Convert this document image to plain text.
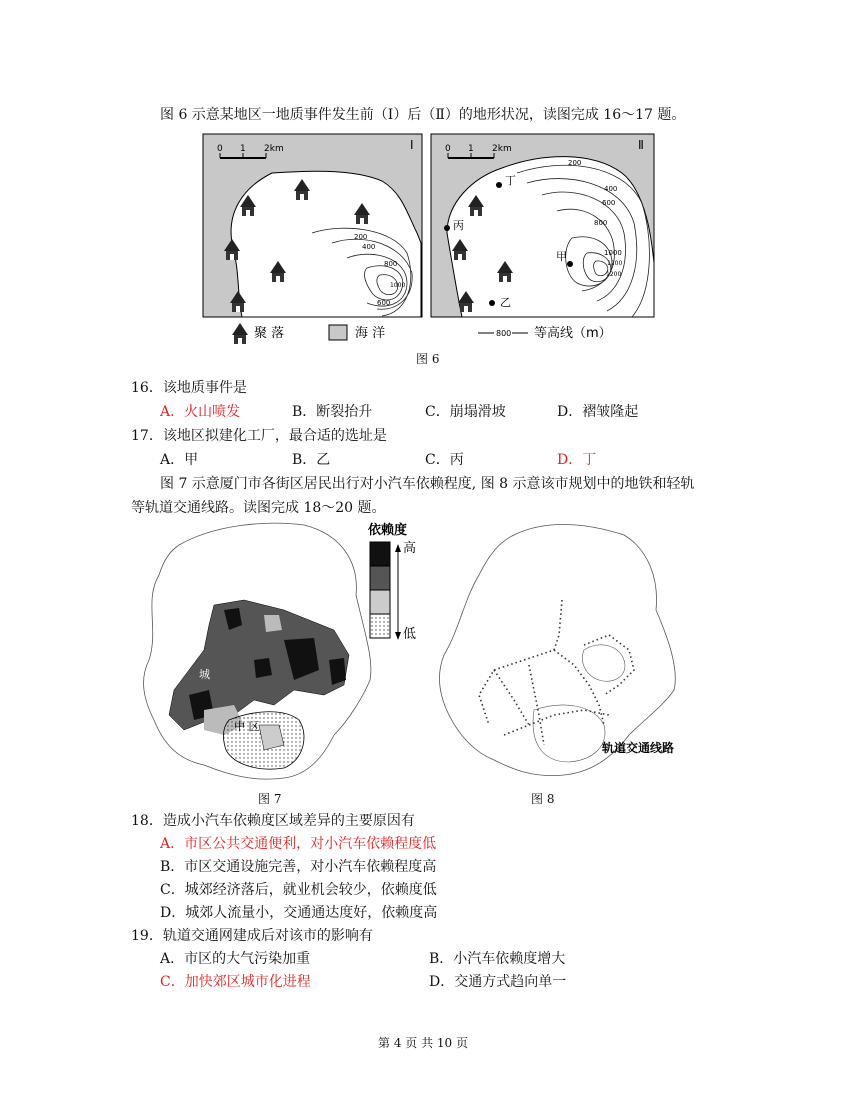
图 6 示意某地区一地质事件发生前（Ⅰ）后（Ⅱ）的地形状况，读图完成 16～17 题。
0 1 2km	Ⅰ
200
400
600
800
1000
0 1 2km	Ⅱ
200
400
600
800
1000
1200
1200
丁
丙
甲
乙
聚 落	海 洋	800 等高线（m）
图 6
16．该地质事件是
A．火山喷发	B．断裂抬升	C．崩塌滑坡	D．褶皱隆起
17．该地区拟建化工厂，最合适的选址是
A．甲	B．乙	C．丙	D．丁
图 7 示意厦门市各街区居民出行对小汽车依赖程度, 图 8 示意该市规划中的地铁和轻轨
等轨道交通线路。读图完成 18～20 题。
城
中 区
依赖度
高
低
图 7
轨道交通线路
图 8
18．造成小汽车依赖度区域差异的主要原因有
A．市区公共交通便利，对小汽车依赖程度低
B．市区交通设施完善，对小汽车依赖程度高
C．城郊经济落后，就业机会较少，依赖度低
D．城郊人流量小，交通通达度好，依赖度高
19．轨道交通网建成后对该市的影响有
A．市区的大气污染加重	B．小汽车依赖度增大
C．加快郊区城市化进程	D．交通方式趋向单一
第 4 页 共 10 页
